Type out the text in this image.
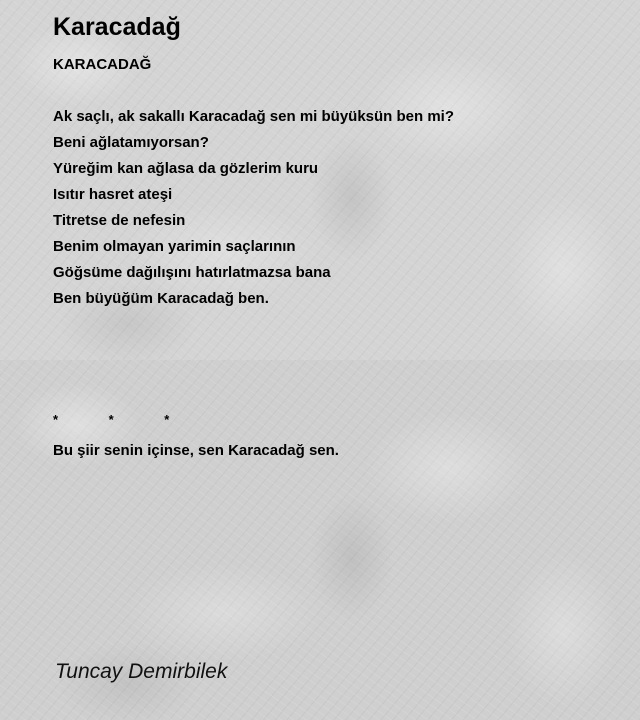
Karacadağ
KARACADAĞ
Ak saçlı, ak sakallı Karacadağ sen mi büyüksün ben mi?
Beni ağlatamıyorsan?
Yüreğim kan ağlasa da gözlerim kuru
Isıtır hasret ateşi
Titretse de nefesin
Benim olmayan yarimin saçlarının
Göğsüme dağılışını hatırlatmazsa bana
Ben büyüğüm Karacadağ ben.
*              *              *
Bu şiir senin içinse, sen Karacadağ sen.
Tuncay Demirbilek
